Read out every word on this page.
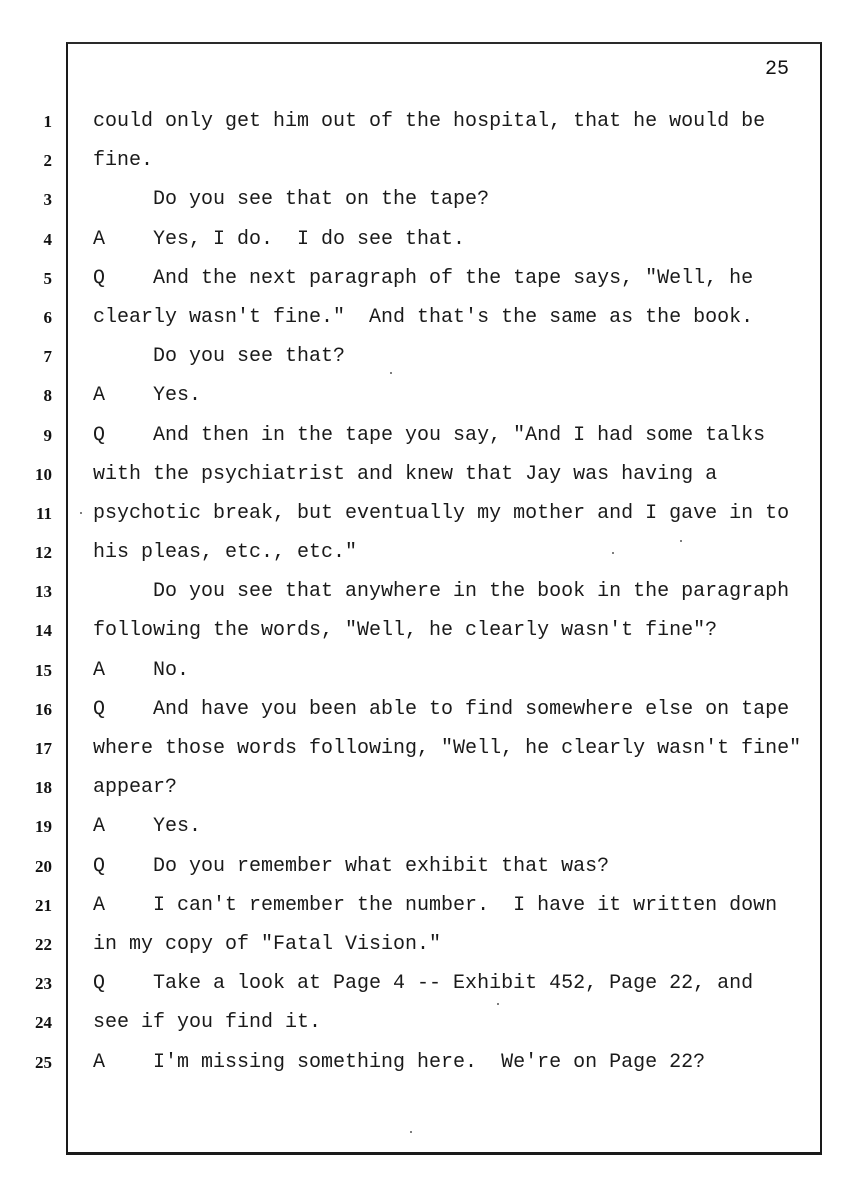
25
1 could only get him out of the hospital, that he would be
2 fine.
3 Do you see that on the tape?
4 A    Yes, I do.  I do see that.
5 Q    And the next paragraph of the tape says, "Well, he
6 clearly wasn't fine."  And that's the same as the book.
7 Do you see that?
8 A    Yes.
9 Q    And then in the tape you say, "And I had some talks
10 with the psychiatrist and knew that Jay was having a
11 psychotic break, but eventually my mother and I gave in to
12 his pleas, etc., etc."
13 Do you see that anywhere in the book in the paragraph
14 following the words, "Well, he clearly wasn't fine"?
15 A    No.
16 Q    And have you been able to find somewhere else on tape
17 where those words following, "Well, he clearly wasn't fine"
18 appear?
19 A    Yes.
20 Q    Do you remember what exhibit that was?
21 A    I can't remember the number.  I have it written down
22 in my copy of "Fatal Vision."
23 Q    Take a look at Page 4 -- Exhibit 452, Page 22, and
24 see if you find it.
25 A    I'm missing something here.  We're on Page 22?
